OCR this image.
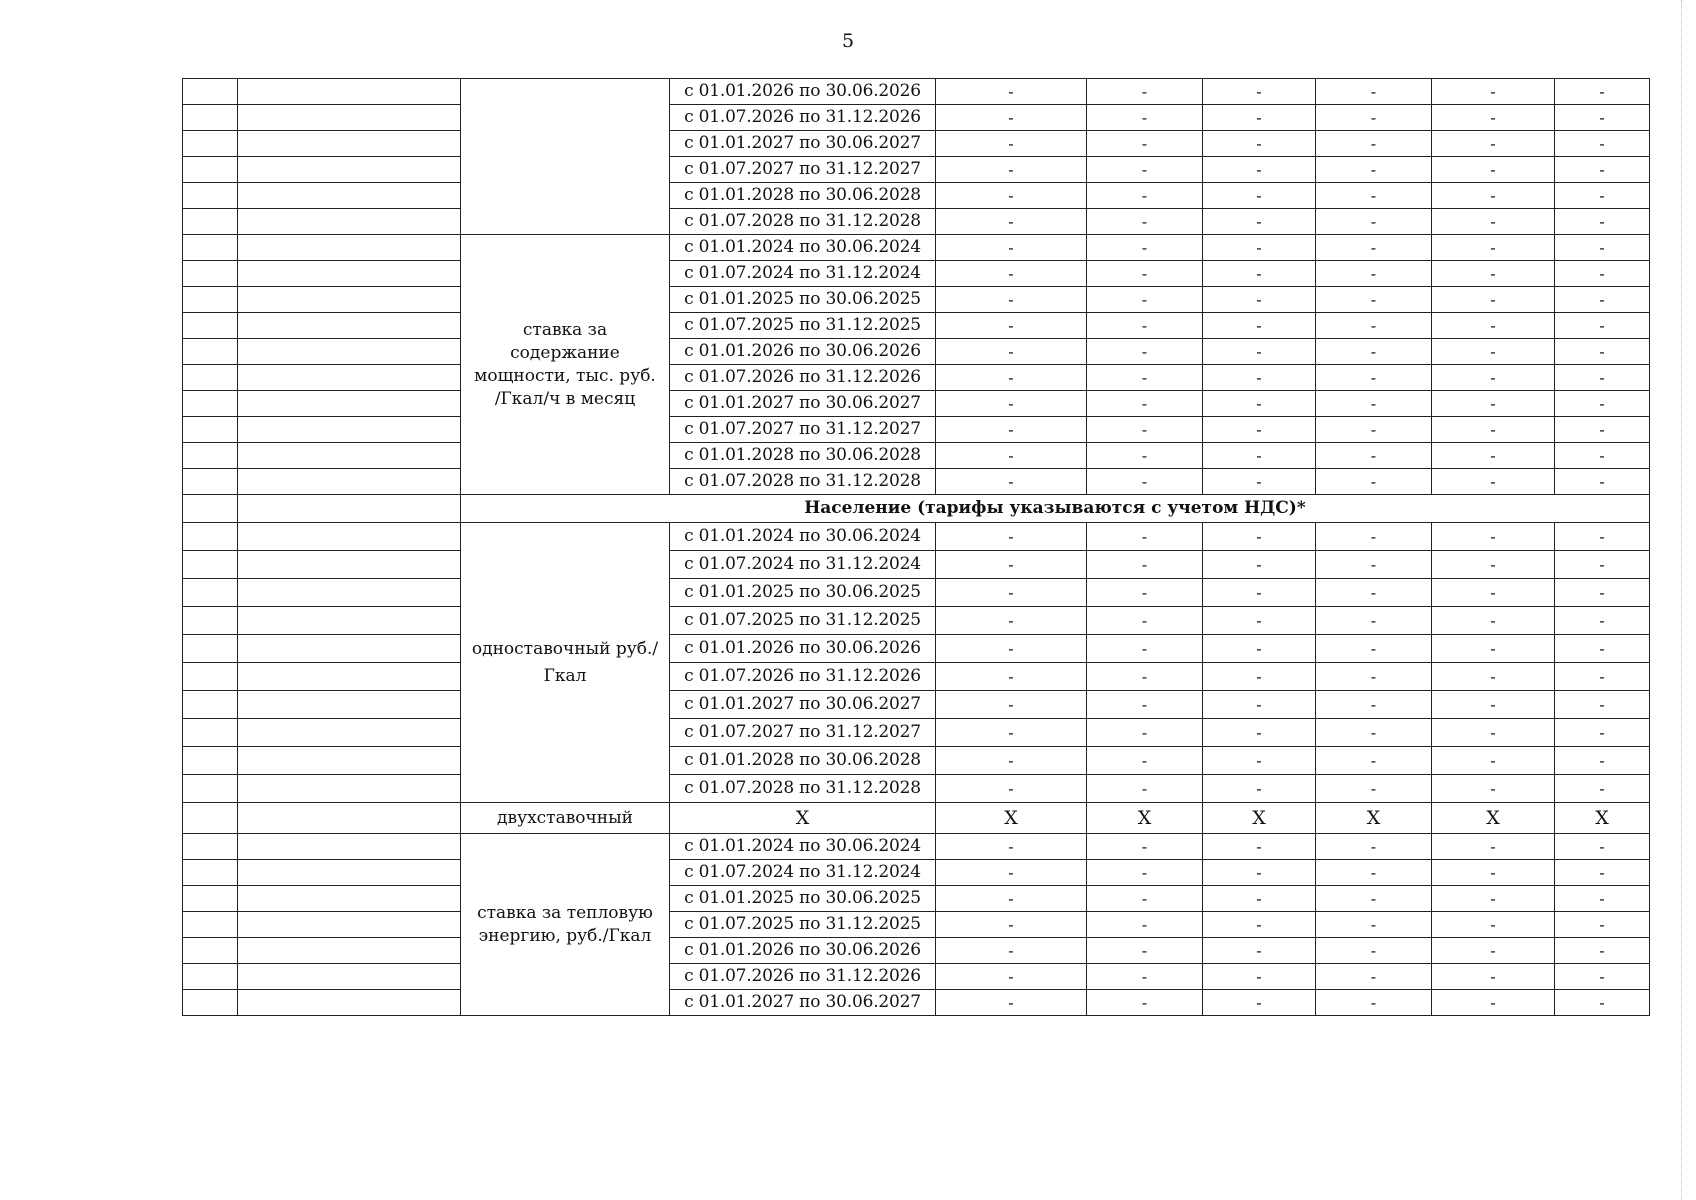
5
			с 01.01.2026 по 30.06.2026	-	-	-	-	-	-
			с 01.07.2026 по 31.12.2026	-	-	-	-	-	-
			с 01.01.2027 по 30.06.2027	-	-	-	-	-	-
			с 01.07.2027 по 31.12.2027	-	-	-	-	-	-
			с 01.01.2028 по 30.06.2028	-	-	-	-	-	-
			с 01.07.2028 по 31.12.2028	-	-	-	-	-	-
		ставка за содержание мощности, тыс. руб. /Гкал/ч в месяц	с 01.01.2024 по 30.06.2024	-	-	-	-	-	-
			с 01.07.2024 по 31.12.2024	-	-	-	-	-	-
			с 01.01.2025 по 30.06.2025	-	-	-	-	-	-
			с 01.07.2025 по 31.12.2025	-	-	-	-	-	-
			с 01.01.2026 по 30.06.2026	-	-	-	-	-	-
			с 01.07.2026 по 31.12.2026	-	-	-	-	-	-
			с 01.01.2027 по 30.06.2027	-	-	-	-	-	-
			с 01.07.2027 по 31.12.2027	-	-	-	-	-	-
			с 01.01.2028 по 30.06.2028	-	-	-	-	-	-
			с 01.07.2028 по 31.12.2028	-	-	-	-	-	-
		Население (тарифы указываются с учетом НДС)*							
		одноставочный руб./Гкал	с 01.01.2024 по 30.06.2024	-	-	-	-	-	-
			с 01.07.2024 по 31.12.2024	-	-	-	-	-	-
			с 01.01.2025 по 30.06.2025	-	-	-	-	-	-
			с 01.07.2025 по 31.12.2025	-	-	-	-	-	-
			с 01.01.2026 по 30.06.2026	-	-	-	-	-	-
			с 01.07.2026 по 31.12.2026	-	-	-	-	-	-
			с 01.01.2027 по 30.06.2027	-	-	-	-	-	-
			с 01.07.2027 по 31.12.2027	-	-	-	-	-	-
			с 01.01.2028 по 30.06.2028	-	-	-	-	-	-
			с 01.07.2028 по 31.12.2028	-	-	-	-	-	-
		двухставочный	X	X	X	X	X	X	X
		ставка за тепловую энергию, руб./Гкал	с 01.01.2024 по 30.06.2024	-	-	-	-	-	-
			с 01.07.2024 по 31.12.2024	-	-	-	-	-	-
			с 01.01.2025 по 30.06.2025	-	-	-	-	-	-
			с 01.07.2025 по 31.12.2025	-	-	-	-	-	-
			с 01.01.2026 по 30.06.2026	-	-	-	-	-	-
			с 01.07.2026 по 31.12.2026	-	-	-	-	-	-
			с 01.01.2027 по 30.06.2027	-	-	-	-	-	-
